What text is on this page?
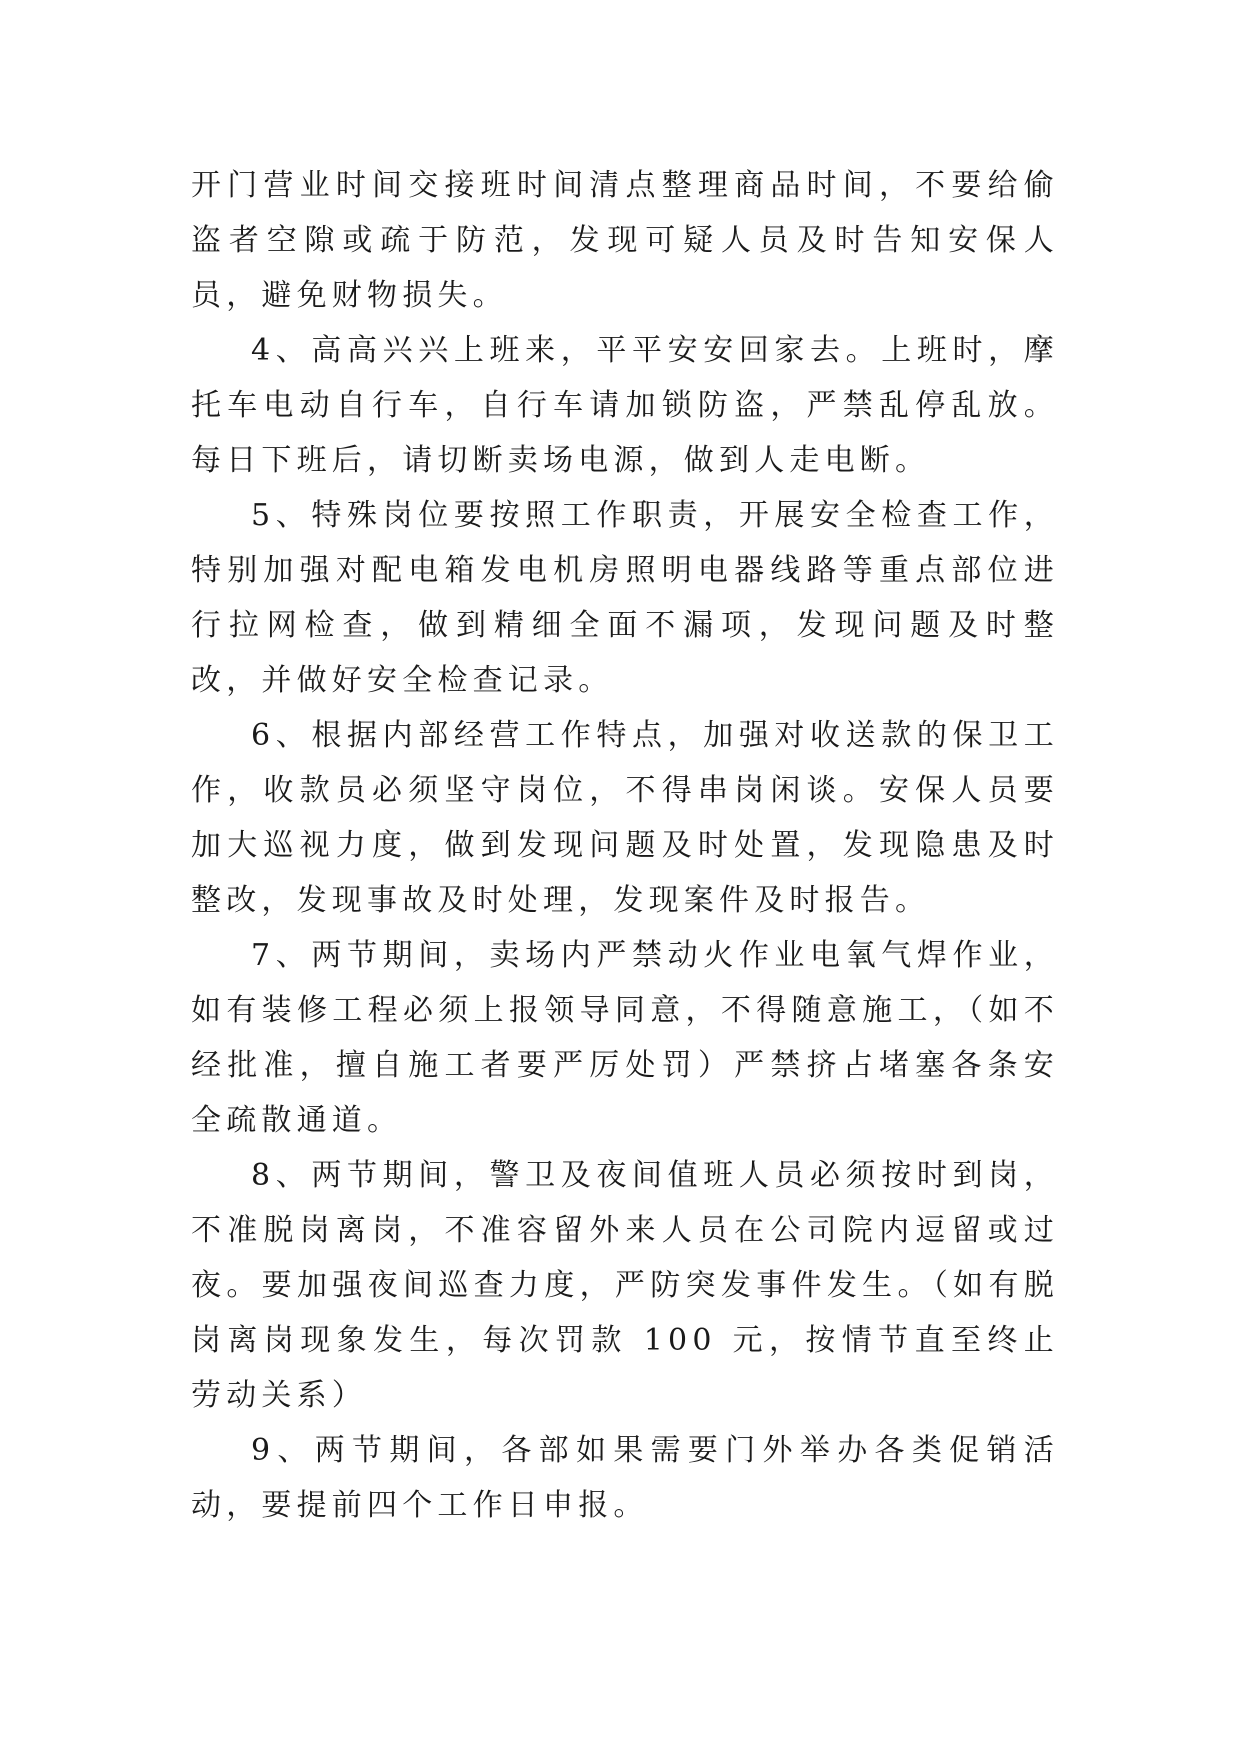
开门营业时间交接班时间清点整理商品时间，不要给偷盗者空隙或疏于防范，发现可疑人员及时告知安保人员，避免财物损失。

4、高高兴兴上班来，平平安安回家去。上班时，摩托车电动自行车，自行车请加锁防盗，严禁乱停乱放。每日下班后，请切断卖场电源，做到人走电断。

5、特殊岗位要按照工作职责，开展安全检查工作，特别加强对配电箱发电机房照明电器线路等重点部位进行拉网检查，做到精细全面不漏项，发现问题及时整改，并做好安全检查记录。

6、根据内部经营工作特点，加强对收送款的保卫工作，收款员必须坚守岗位，不得串岗闲谈。安保人员要加大巡视力度，做到发现问题及时处置，发现隐患及时整改，发现事故及时处理，发现案件及时报告。

7、两节期间，卖场内严禁动火作业电氧气焊作业，如有装修工程必须上报领导同意，不得随意施工，（如不经批准，擅自施工者要严厉处罚）严禁挤占堵塞各条安全疏散通道。

8、两节期间，警卫及夜间值班人员必须按时到岗，不准脱岗离岗，不准容留外来人员在公司院内逗留或过夜。要加强夜间巡查力度，严防突发事件发生。（如有脱岗离岗现象发生，每次罚款 100 元，按情节直至终止劳动关系）

9、两节期间，各部如果需要门外举办各类促销活动，要提前四个工作日申报。
